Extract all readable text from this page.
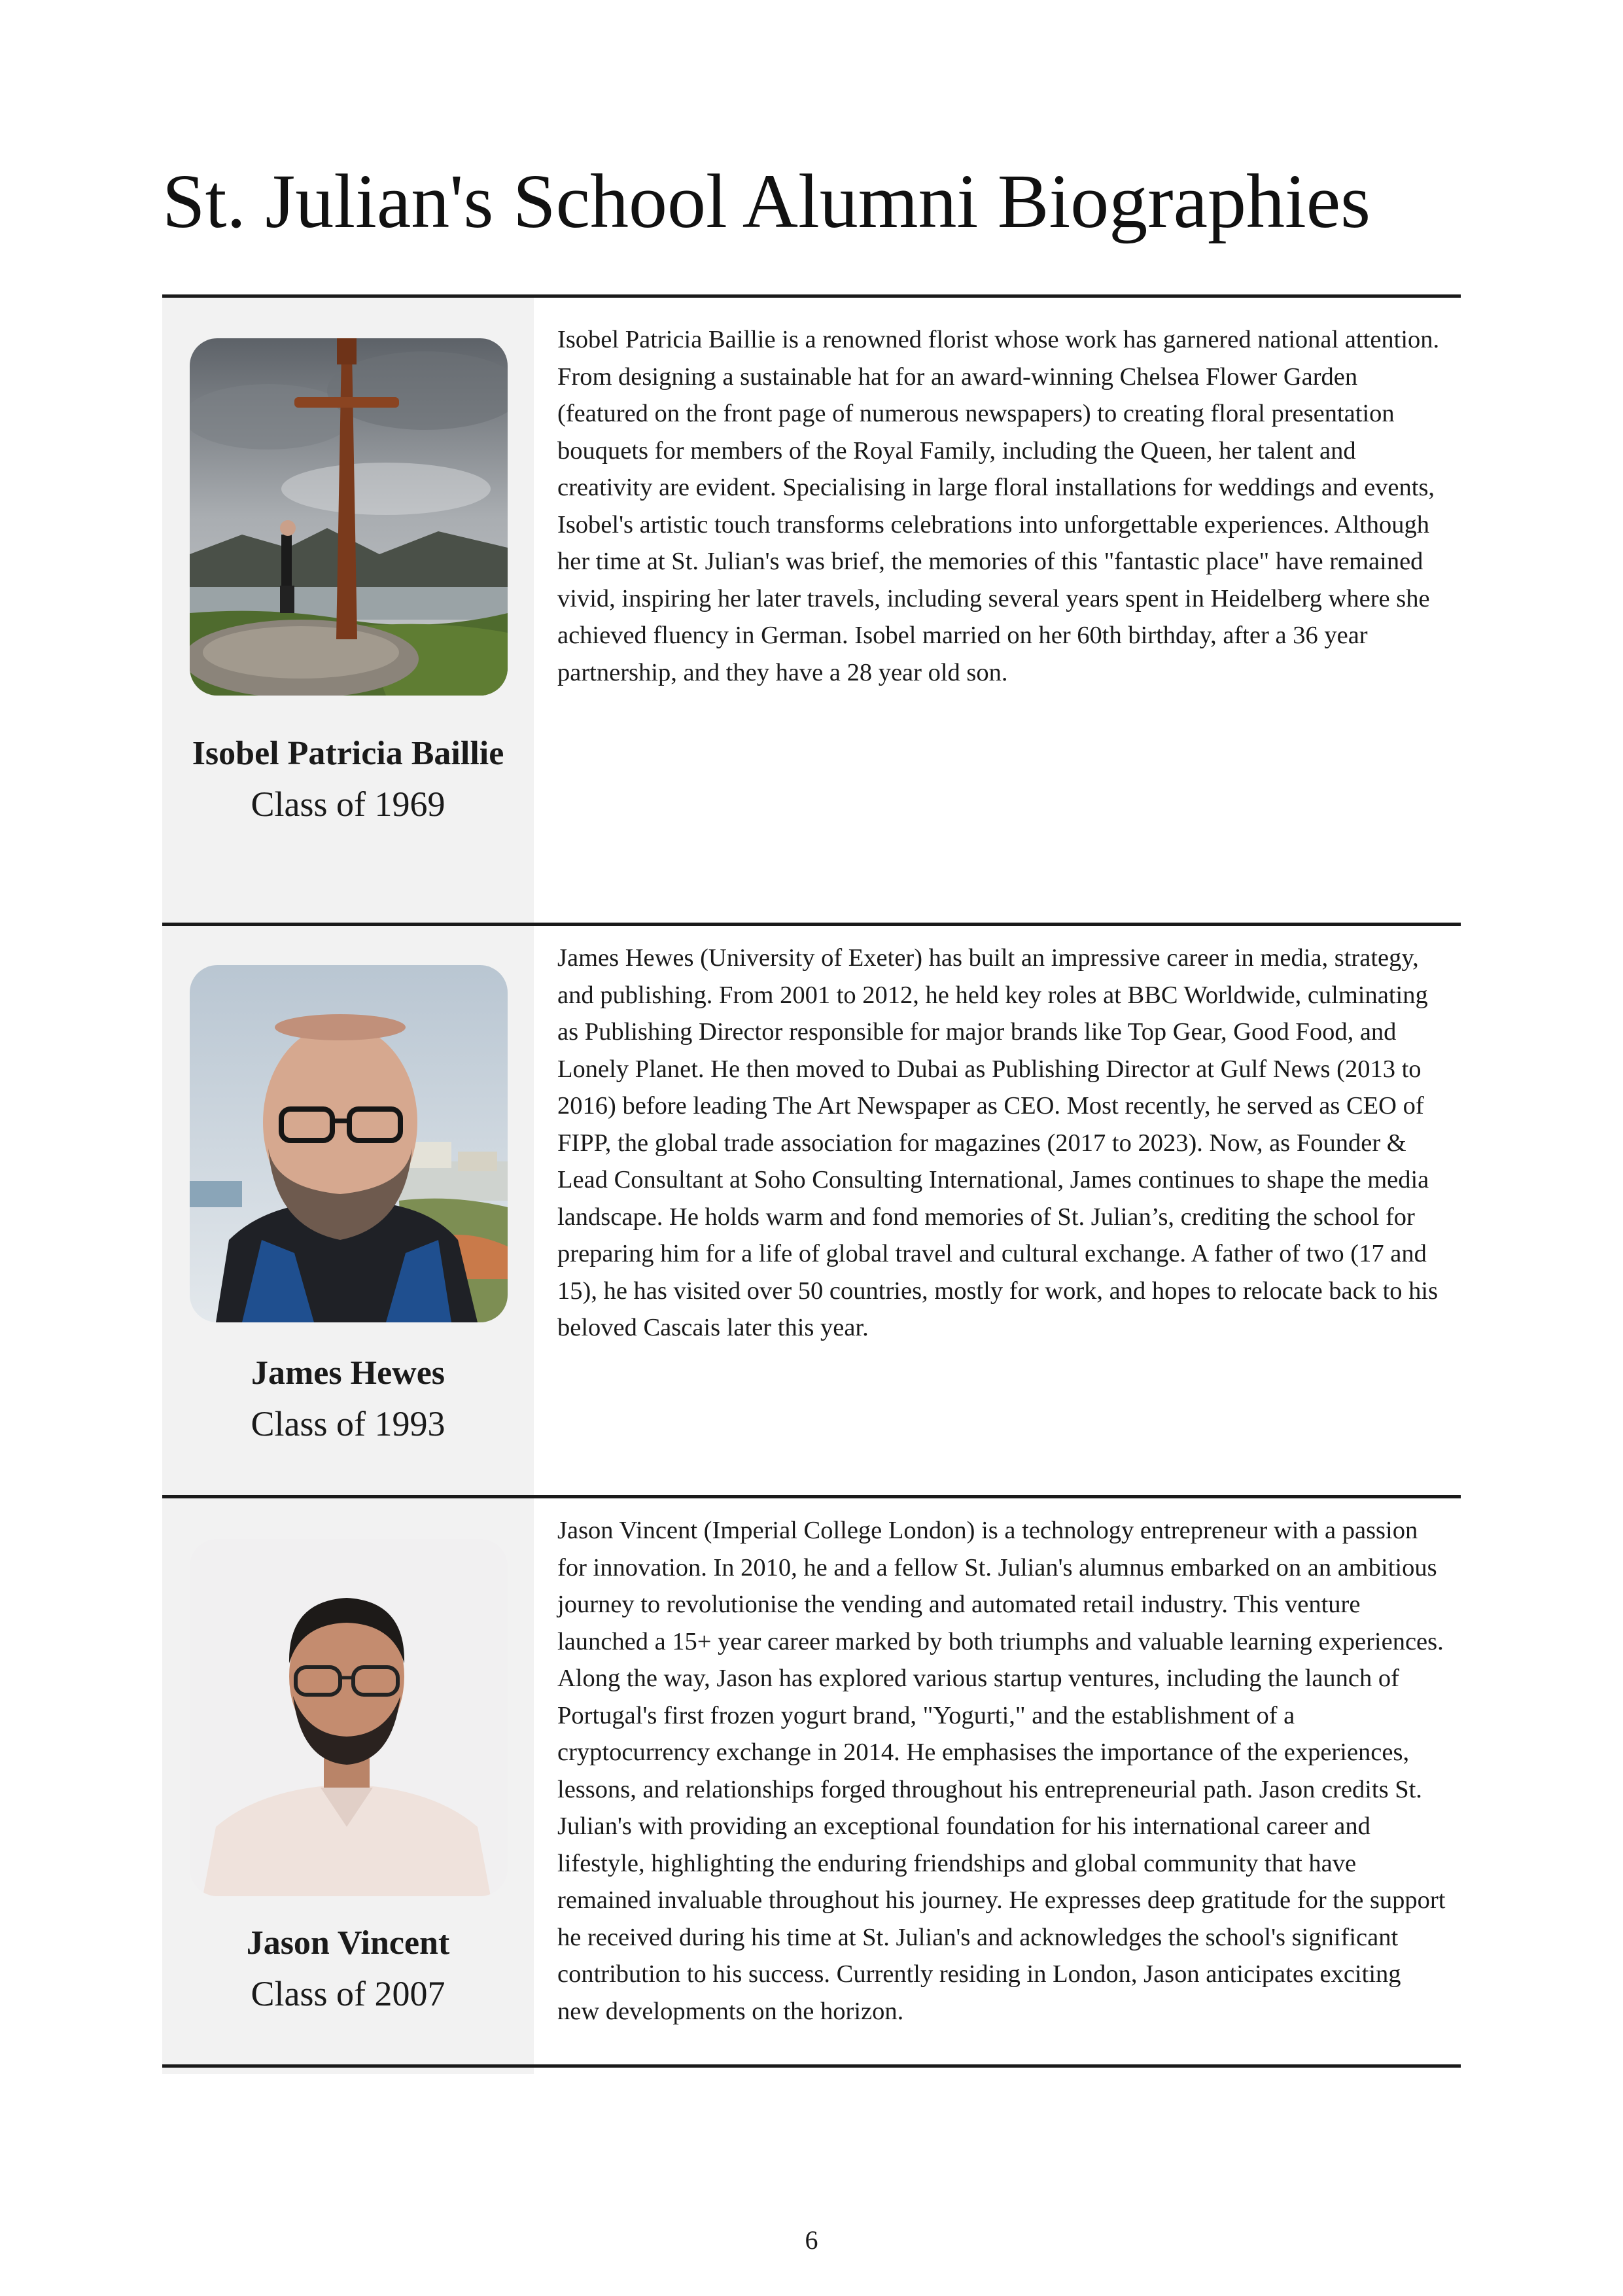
St. Julian's School Alumni Biographies
Isobel Patricia Baillie
Class of 1969

Isobel Patricia Baillie is a renowned florist whose work has garnered national attention. From designing a sustainable hat for an award-winning Chelsea Flower Garden (featured on the front page of numerous newspapers) to creating floral presentation bouquets for members of the Royal Family, including the Queen, her talent and creativity are evident. Specialising in large floral installations for weddings and events, Isobel's artistic touch transforms celebrations into unforgettable experiences. Although her time at St. Julian's was brief, the memories of this "fantastic place" have remained vivid, inspiring her later travels, including several years spent in Heidelberg where she achieved fluency in German. Isobel married on her 60th birthday, after a 36 year partnership, and they have a 28 year old son.

James Hewes
Class of 1993

James Hewes (University of Exeter) has built an impressive career in media, strategy, and publishing. From 2001 to 2012, he held key roles at BBC Worldwide, culminating as Publishing Director responsible for major brands like Top Gear, Good Food, and Lonely Planet. He then moved to Dubai as Publishing Director at Gulf News (2013 to 2016) before leading The Art Newspaper as CEO. Most recently, he served as CEO of FIPP, the global trade association for magazines (2017 to 2023). Now, as Founder & Lead Consultant at Soho Consulting International, James continues to shape the media landscape. He holds warm and fond memories of St. Julian’s, crediting the school for preparing him for a life of global travel and cultural exchange. A father of two (17 and 15), he has visited over 50 countries, mostly for work, and hopes to relocate back to his beloved Cascais later this year.

Jason Vincent
Class of 2007

Jason Vincent (Imperial College London) is a technology entrepreneur with a passion for innovation. In 2010, he and a fellow St. Julian's alumnus embarked on an ambitious journey to revolutionise the vending and automated retail industry. This venture launched a 15+ year career marked by both triumphs and valuable learning experiences. Along the way, Jason has explored various startup ventures, including the launch of Portugal's first frozen yogurt brand, "Yogurti," and the establishment of a cryptocurrency exchange in 2014. He emphasises the importance of the experiences, lessons, and relationships forged throughout his entrepreneurial path. Jason credits St. Julian's with providing an exceptional foundation for his international career and lifestyle, highlighting the enduring friendships and global community that have remained invaluable throughout his journey. He expresses deep gratitude for the support he received during his time at St. Julian's and acknowledges the school's significant contribution to his success. Currently residing in London, Jason anticipates exciting new developments on the horizon.

6
